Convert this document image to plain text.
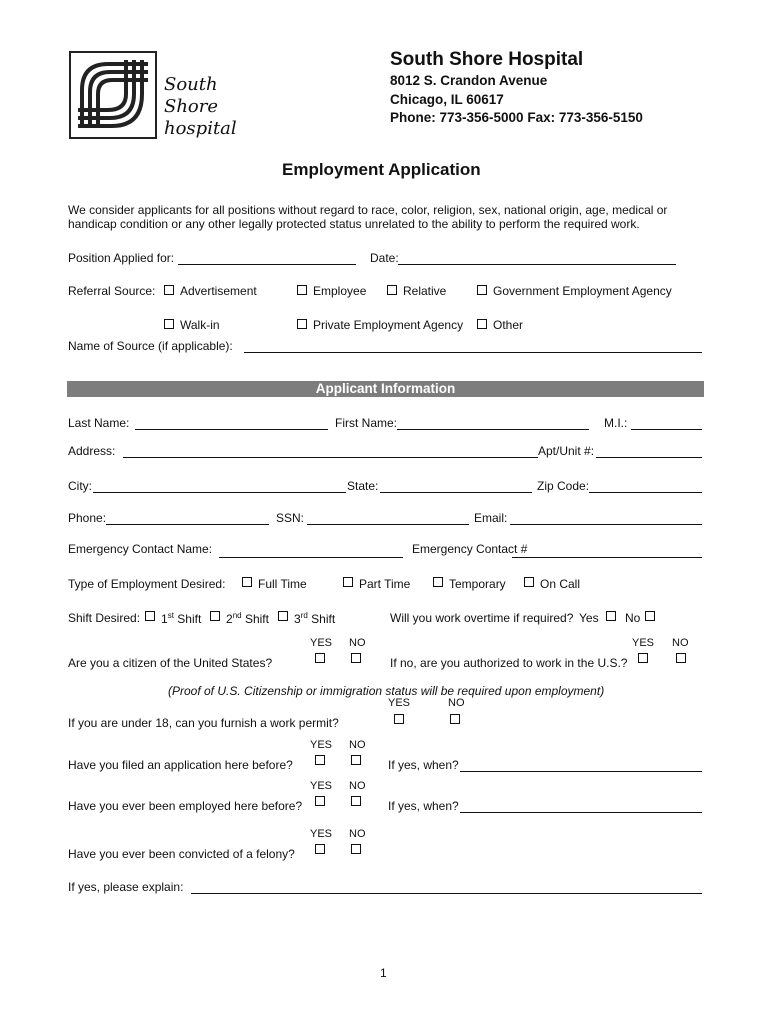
South
Shore
hospital
South Shore Hospital
8012 S. Crandon Avenue
Chicago, IL 60617
Phone: 773-356-5000 Fax: 773-356-5150
Employment Application
We consider applicants for all positions without regard to race, color, religion, sex, national origin, age, medical or
handicap condition or any other legally protected status unrelated to the ability to perform the required work.
Position Applied for:	Date:
Referral Source: Advertisement	Employee	Relative	Government Employment Agency
Walk-in	Private Employment Agency Other
Name of Source (if applicable):
Applicant Information
Last Name:	First Name:	M.I.:
Address:	Apt/Unit #:
City:	State:	Zip Code:
Phone:	SSN:	Email:
Emergency Contact Name:	Emergency Contact #
Type of Employment Desired:	Full Time	Part Time	Temporary	On Call
Shift Desired: 1st Shift 2nd Shift 3rd Shift	Will you work overtime if required? Yes No
YES NO	YES NO
Are you a citizen of the United States?	If no, are you authorized to work in the U.S.?
(Proof of U.S. Citizenship or immigration status will be required upon employment)
YES	NO
If you are under 18, can you furnish a work permit?
YES NO
Have you filed an application here before?	If yes, when?
YES NO
Have you ever been employed here before?	If yes, when?
YES NO
Have you ever been convicted of a felony?
If yes, please explain:
1
